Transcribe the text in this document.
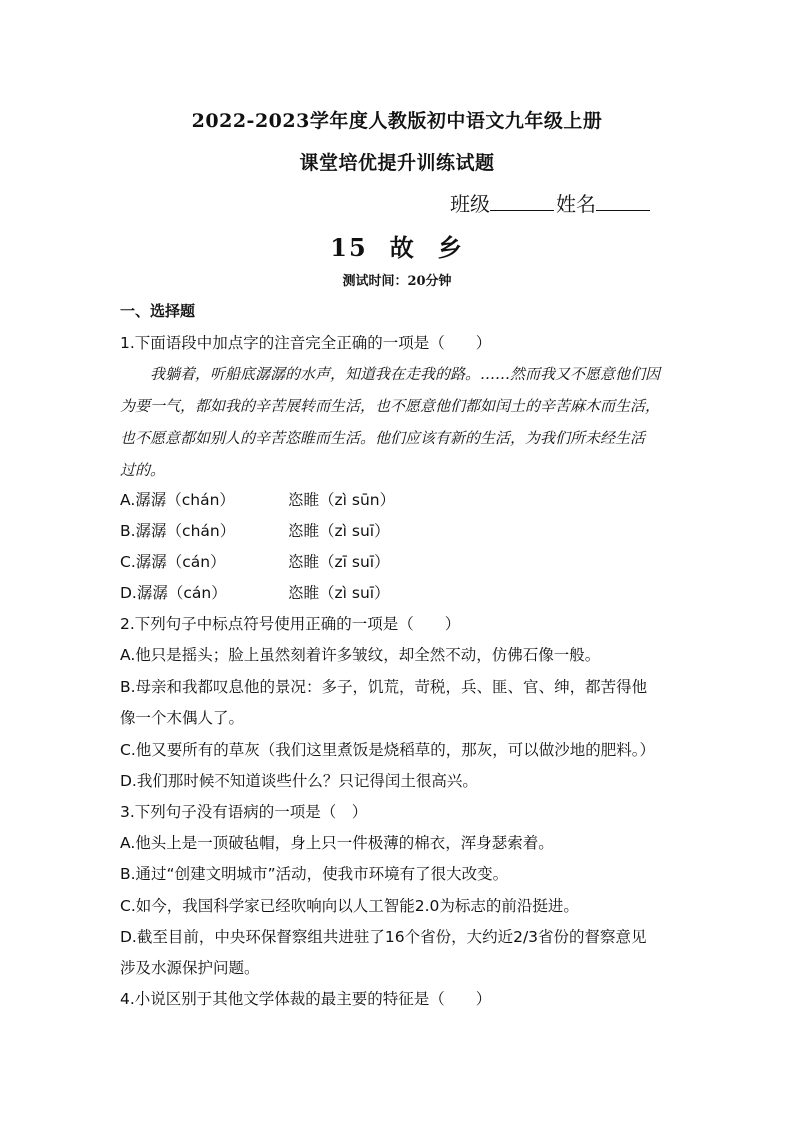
2022-2023学年度人教版初中语文九年级上册
课堂培优提升训练试题
班级	姓名
15 故 乡
测试时间：20分钟
一、选择题
1.下面语段中加点字的注音完全正确的一项是（　　）
　　我躺着，听船底潺潺的水声，知道我在走我的路。……然而我又不愿意他们因
为要一气，都如我的辛苦展转而生活，也不愿意他们都如闰土的辛苦麻木而生活，
也不愿意都如别人的辛苦恣睢而生活。他们应该有新的生活，为我们所未经生活
过的。
A.潺潺（chán）	恣睢（zì sūn）
B.潺潺（chán）	恣睢（zì suī）
C.潺潺（cán）	恣睢（zī suī）
D.潺潺（cán）	恣睢（zì suī）
2.下列句子中标点符号使用正确的一项是（　　）
A.他只是摇头；脸上虽然刻着许多皱纹，却全然不动，仿佛石像一般。
B.母亲和我都叹息他的景况：多子，饥荒，苛税，兵、匪、官、绅，都苦得他
像一个木偶人了。
C.他又要所有的草灰（我们这里煮饭是烧稻草的，那灰，可以做沙地的肥料。）
D.我们那时候不知道谈些什么？只记得闰土很高兴。
3.下列句子没有语病的一项是（　）
A.他头上是一顶破毡帽，身上只一件极薄的棉衣，浑身瑟索着。
B.通过“创建文明城市”活动，使我市环境有了很大改变。
C.如今，我国科学家已经吹响向以人工智能2.0为标志的前沿挺进。
D.截至目前，中央环保督察组共进驻了16个省份，大约近2/3省份的督察意见
涉及水源保护问题。
4.小说区别于其他文学体裁的最主要的特征是（　　）
